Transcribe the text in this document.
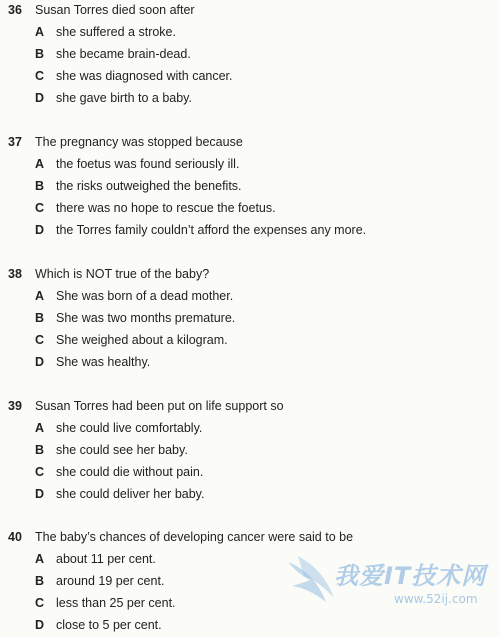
36 Susan Torres died soon after
A she suffered a stroke.
B she became brain-dead.
C she was diagnosed with cancer.
D she gave birth to a baby.
37 The pregnancy was stopped because
A the foetus was found seriously ill.
B the risks outweighed the benefits.
C there was no hope to rescue the foetus.
D the Torres family couldn’t afford the expenses any more.
38 Which is NOT true of the baby?
A She was born of a dead mother.
B She was two months premature.
C She weighed about a kilogram.
D She was healthy.
39 Susan Torres had been put on life support so
A she could live comfortably.
B she could see her baby.
C she could die without pain.
D she could deliver her baby.
40 The baby’s chances of developing cancer were said to be
A about 11 per cent.
B around 19 per cent.
C less than 25 per cent.
D close to 5 per cent.
我爱IT技术网
www.52ij.com
